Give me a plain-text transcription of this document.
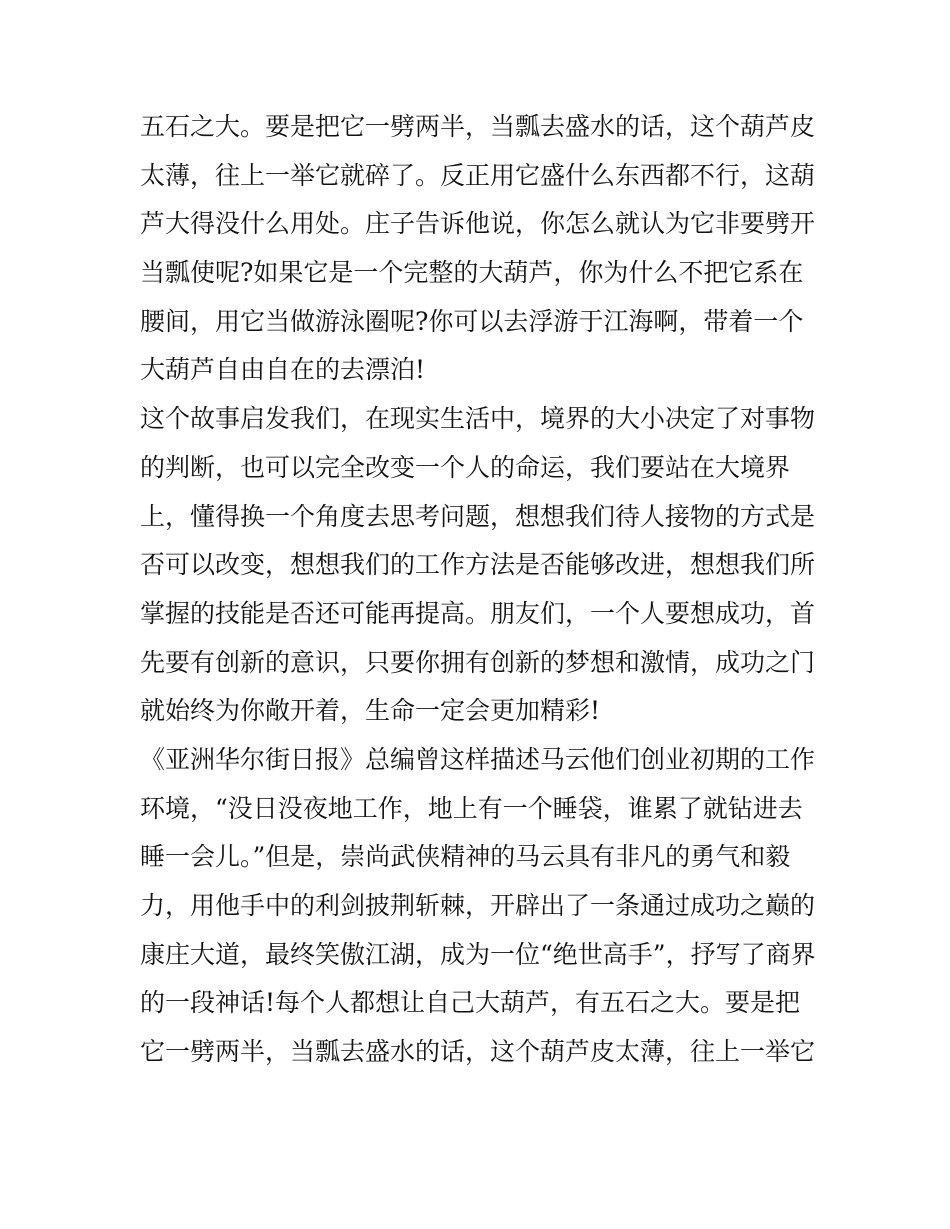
五石之大。要是把它一劈两半，当瓢去盛水的话，这个葫芦皮
太薄，往上一举它就碎了。反正用它盛什么东西都不行，这葫
芦大得没什么用处。庄子告诉他说，你怎么就认为它非要劈开
当瓢使呢?如果它是一个完整的大葫芦，你为什么不把它系在
腰间，用它当做游泳圈呢?你可以去浮游于江海啊，带着一个
大葫芦自由自在的去漂泊!
这个故事启发我们，在现实生活中，境界的大小决定了对事物
的判断，也可以完全改变一个人的命运，我们要站在大境界
上，懂得换一个角度去思考问题，想想我们待人接物的方式是
否可以改变，想想我们的工作方法是否能够改进，想想我们所
掌握的技能是否还可能再提高。朋友们，一个人要想成功，首
先要有创新的意识，只要你拥有创新的梦想和激情，成功之门
就始终为你敞开着，生命一定会更加精彩!
《亚洲华尔街日报》总编曾这样描述马云他们创业初期的工作
环境，“没日没夜地工作，地上有一个睡袋，谁累了就钻进去
睡一会儿。”但是，崇尚武侠精神的马云具有非凡的勇气和毅
力，用他手中的利剑披荆斩棘，开辟出了一条通过成功之巅的
康庄大道，最终笑傲江湖，成为一位“绝世高手”，抒写了商界
的一段神话!每个人都想让自己大葫芦，有五石之大。要是把
它一劈两半，当瓢去盛水的话，这个葫芦皮太薄，往上一举它
